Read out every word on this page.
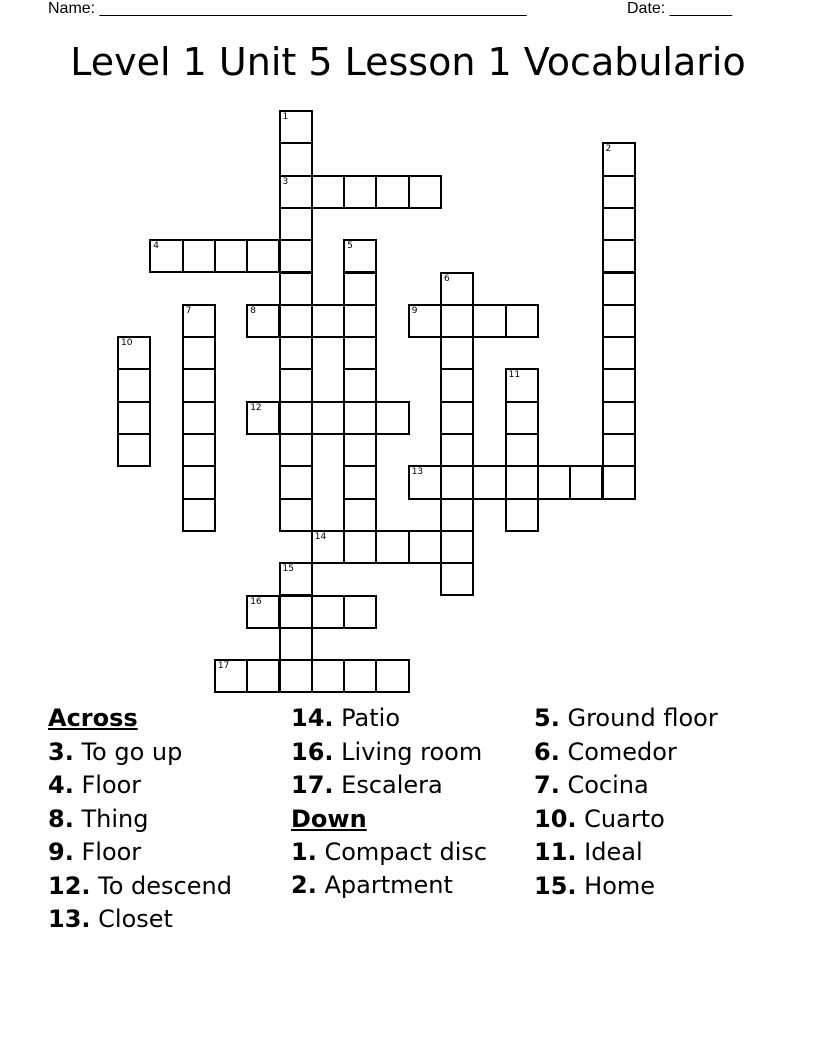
Name: ________________________________________________	Date: _______
Level 1 Unit 5 Lesson 1 Vocabulario
1
3
2
4	5
6
7	8	9
10
11
12
13
14
15
16
17
Across
3. To go up
4. Floor
8. Thing
9. Floor
12. To descend
13. Closet
14. Patio
16. Living room
17. Escalera
Down
1. Compact disc
2. Apartment
5. Ground floor
6. Comedor
7. Cocina
10. Cuarto
11. Ideal
15. Home
